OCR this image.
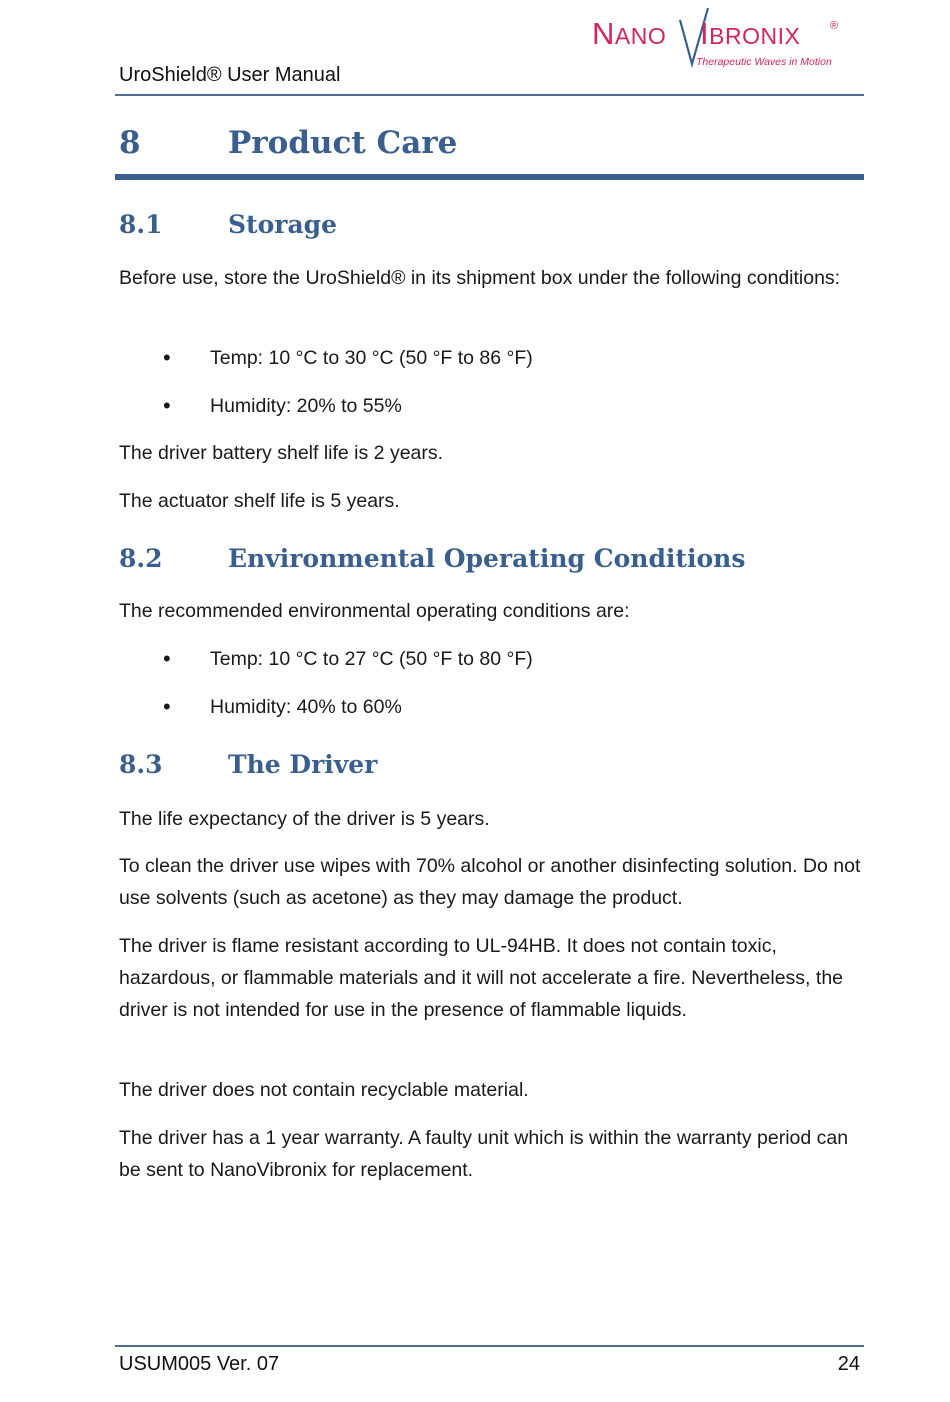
UroShield® User Manual
NANO IBRONIX	®
Therapeutic Waves in Motion
8	Product Care
8.1	Storage
Before use, store the UroShield® in its shipment box under the following conditions:
• Temp: 10 °C to 30 °C (50 °F to 86 °F)
• Humidity: 20% to 55%
The driver battery shelf life is 2 years.
The actuator shelf life is 5 years.
8.2	Environmental Operating Conditions
The recommended environmental operating conditions are:
• Temp: 10 °C to 27 °C (50 °F to 80 °F)
• Humidity: 40% to 60%
8.3	The Driver
The life expectancy of the driver is 5 years.
To clean the driver use wipes with 70% alcohol or another disinfecting solution. Do not use solvents (such as acetone) as they may damage the product.
The driver is flame resistant according to UL-94HB. It does not contain toxic, hazardous, or flammable materials and it will not accelerate a fire. Nevertheless, the driver is not intended for use in the presence of flammable liquids.
The driver does not contain recyclable material.
The driver has a 1 year warranty. A faulty unit which is within the warranty period can be sent to NanoVibronix for replacement.
USUM005 Ver. 07	24
